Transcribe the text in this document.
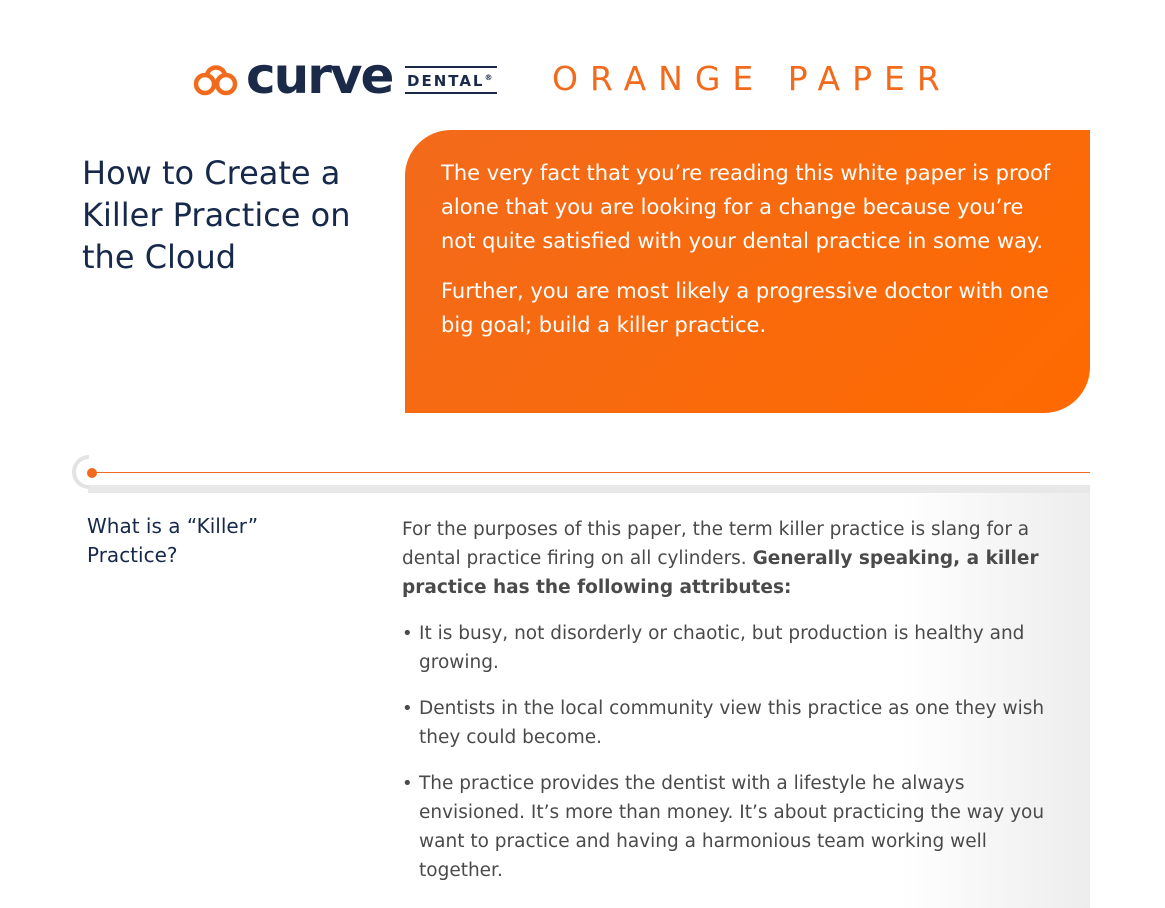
curve DENTAL® ORANGE PAPER
How to Create a Killer Practice on the Cloud

The very fact that you’re reading this white paper is proof alone that you are looking for a change because you’re not quite satisfied with your dental practice in some way.

Further, you are most likely a progressive doctor with one big goal; build a killer practice.

What is a “Killer” Practice?

For the purposes of this paper, the term killer practice is slang for a dental practice firing on all cylinders. Generally speaking, a killer practice has the following attributes:

• It is busy, not disorderly or chaotic, but production is healthy and growing.
• Dentists in the local community view this practice as one they wish they could become.
• The practice provides the dentist with a lifestyle he always envisioned. It’s more than money. It’s about practicing the way you want to practice and having a harmonious team working well together.
